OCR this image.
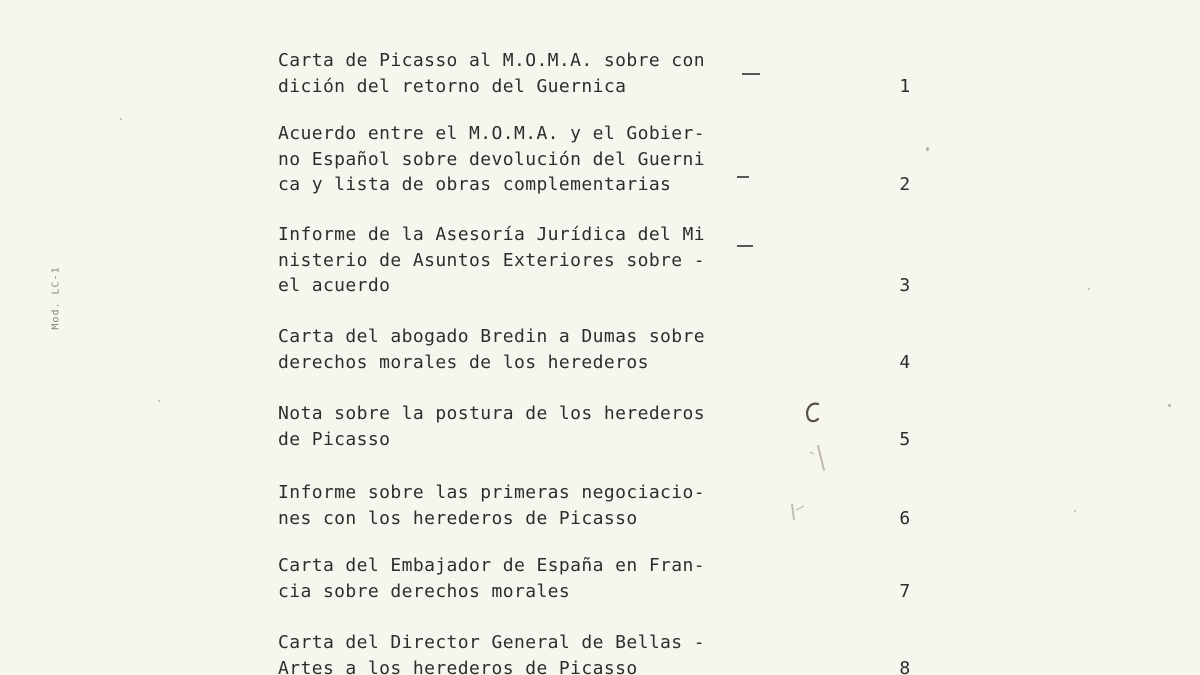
Mod. LC-1
Carta de Picasso al M.O.M.A. sobre con
dición del retorno del Guernica	1
Acuerdo entre el M.O.M.A. y el Gobier-
no Español sobre devolución del Guerni
ca y lista de obras complementarias	2
Informe de la Asesoría Jurídica del Mi
nisterio de Asuntos Exteriores sobre -
el acuerdo	3
Carta del abogado Bredin a Dumas sobre
derechos morales de los herederos	4
Nota sobre la postura de los herederos
de Picasso	5
Informe sobre las primeras negociacio-
nes con los herederos de Picasso	6
Carta del Embajador de España en Fran-
cia sobre derechos morales	7
Carta del Director General de Bellas -
Artes a los herederos de Picasso	8
